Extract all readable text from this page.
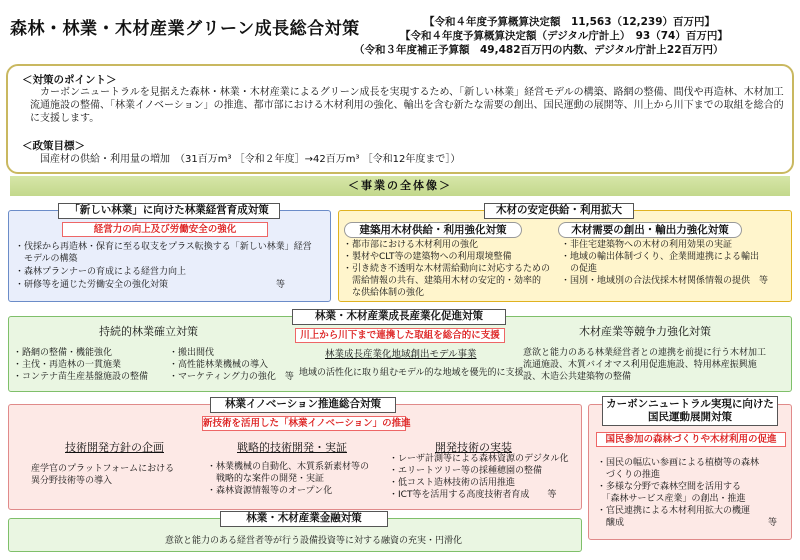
森林・林業・木材産業グリーン成長総合対策	【令和４年度予算概算決定額　11,563（12,239）百万円】
【令和４年度予算概算決定額（デジタル庁計上）　93（74）百万円】
（令和３年度補正予算額　49,482百万円の内数、デジタル庁計上22百万円）
＜対策のポイント＞
　カーボンニュートラルを見据えた森林・林業・木材産業によるグリーン成長を実現するため、「新しい林業」経営モデルの構築、路網の整備、間伐や再造林、木材加工流通施設の整備、「林業イノベーション」の推進、都市部における木材利用の強化、輸出を含む新たな需要の創出、国民運動の展開等、川上から川下までの取組を総合的に支援します。
＜政策目標＞
　国産材の供給・利用量の増加　（31百万m³ ［令和２年度］→42百万m³ ［令和12年度まで］）
＜事業の全体像＞
・伐採から再造林・保育に至る収支をプラス転換する「新しい林業」経営
　モデルの構築
・森林プランナーの育成による経営力向上
・研修等を通じた労働安全の強化対策　　　　　　　　　　　　等
「新しい林業」に向けた林業経営育成対策
経営力の向上及び労働安全の強化
・都市部における木材利用の強化
・製材やCLT等の建築物への利用環境整備
・引き続き不透明な木材需給動向に対応するための
　需給情報の共有、建築用木材の安定的・効率的
　な供給体制の強化
・非住宅建築物への木材の利用効果の実証
・地域の輸出体制づくり、企業間連携による輸出
　の促進
・国別・地域別の合法伐採木材関係情報の提供　等
木材の安定供給・利用拡大
建築用木材供給・利用強化対策	木材需要の創出・輸出力強化対策
持続的林業確立対策
・路網の整備・機能強化
・主伐・再造林の一貫施業
・コンテナ苗生産基盤施設の整備
・搬出間伐
・高性能林業機械の導入
・マーケティング力の強化　等
林業成長産業化地域創出モデル事業
地域の活性化に取り組むモデル的な地域を優先的に支援
木材産業等競争力強化対策
意欲と能力のある林業経営者との連携を前提に行う木材加工
流通施設、木質バイオマス利用促進施設、特用林産振興施
設、木造公共建築物の整備
林業・木材産業成長産業化促進対策
川上から川下まで連携した取組を総合的に支援
技術開発方針の企画
産学官のプラットフォームにおける
異分野技術等の導入
戦略的技術開発・実証
・林業機械の自動化、木質系新素材等の
　戦略的な案件の開発・実証
・森林資源情報等のオープン化
開発技術の実装
・レーザ計測等による森林資源のデジタル化
・エリートツリー等の採種穂園の整備
・低コスト造林技術の活用推進
・ICT等を活用する高度技術者育成　　等
林業イノベーション推進総合対策
新技術を活用した「林業イノベーション」の推進
意欲と能力のある経営者等が行う設備投資等に対する融資の充実・円滑化
林業・木材産業金融対策
・国民の幅広い参画による植樹等の森林
　づくりの推進
・多様な分野で森林空間を活用する
　「森林サービス産業」の創出・推進
・官民連携による木材利用拡大の機運
　醸成　　　　　　　　　　　　　　　　等
カーボンニュートラル実現に向けた
国民運動展開対策
国民参加の森林づくりや木材利用の促進
